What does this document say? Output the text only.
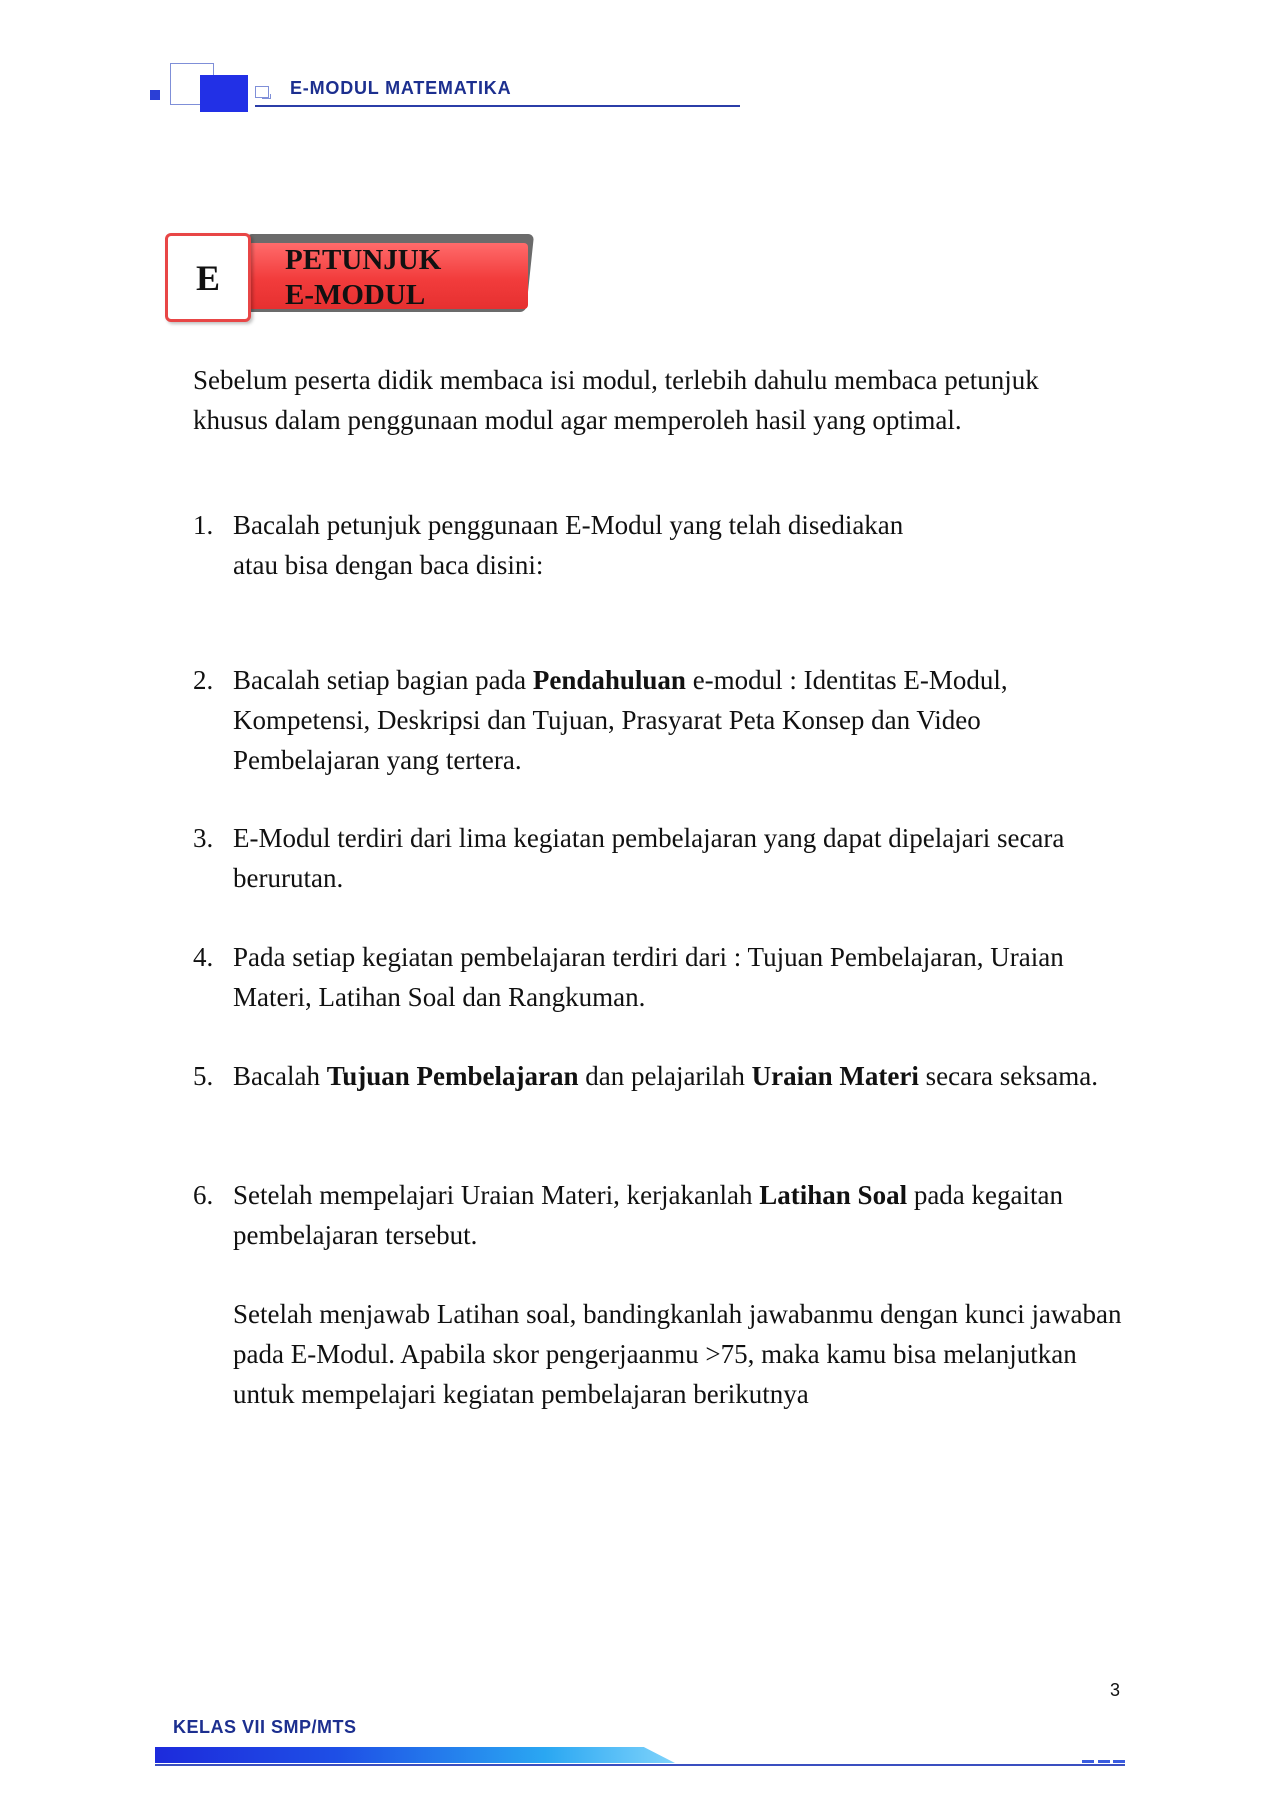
E-MODUL MATEMATIKA
PETUNJUK
E-MODUL
E
Sebelum peserta didik membaca isi modul, terlebih dahulu membaca petunjuk khusus dalam penggunaan modul agar memperoleh hasil yang optimal.
1. Bacalah petunjuk penggunaan E-Modul yang telah disediakan
atau bisa dengan baca disini:
2. Bacalah setiap bagian pada Pendahuluan e-modul : Identitas E-Modul, Kompetensi, Deskripsi dan Tujuan, Prasyarat Peta Konsep dan Video Pembelajaran yang tertera.
3. E-Modul terdiri dari lima kegiatan pembelajaran yang dapat dipelajari secara berurutan.
4. Pada setiap kegiatan pembelajaran terdiri dari : Tujuan Pembelajaran, Uraian Materi, Latihan Soal dan Rangkuman.
5. Bacalah Tujuan Pembelajaran dan pelajarilah Uraian Materi secara seksama.
6. Setelah mempelajari Uraian Materi, kerjakanlah Latihan Soal pada kegaitan pembelajaran tersebut.
Setelah menjawab Latihan soal, bandingkanlah jawabanmu dengan kunci jawaban pada E-Modul. Apabila skor pengerjaanmu >75, maka kamu bisa melanjutkan untuk mempelajari kegiatan pembelajaran berikutnya
3
KELAS VII SMP/MTS
